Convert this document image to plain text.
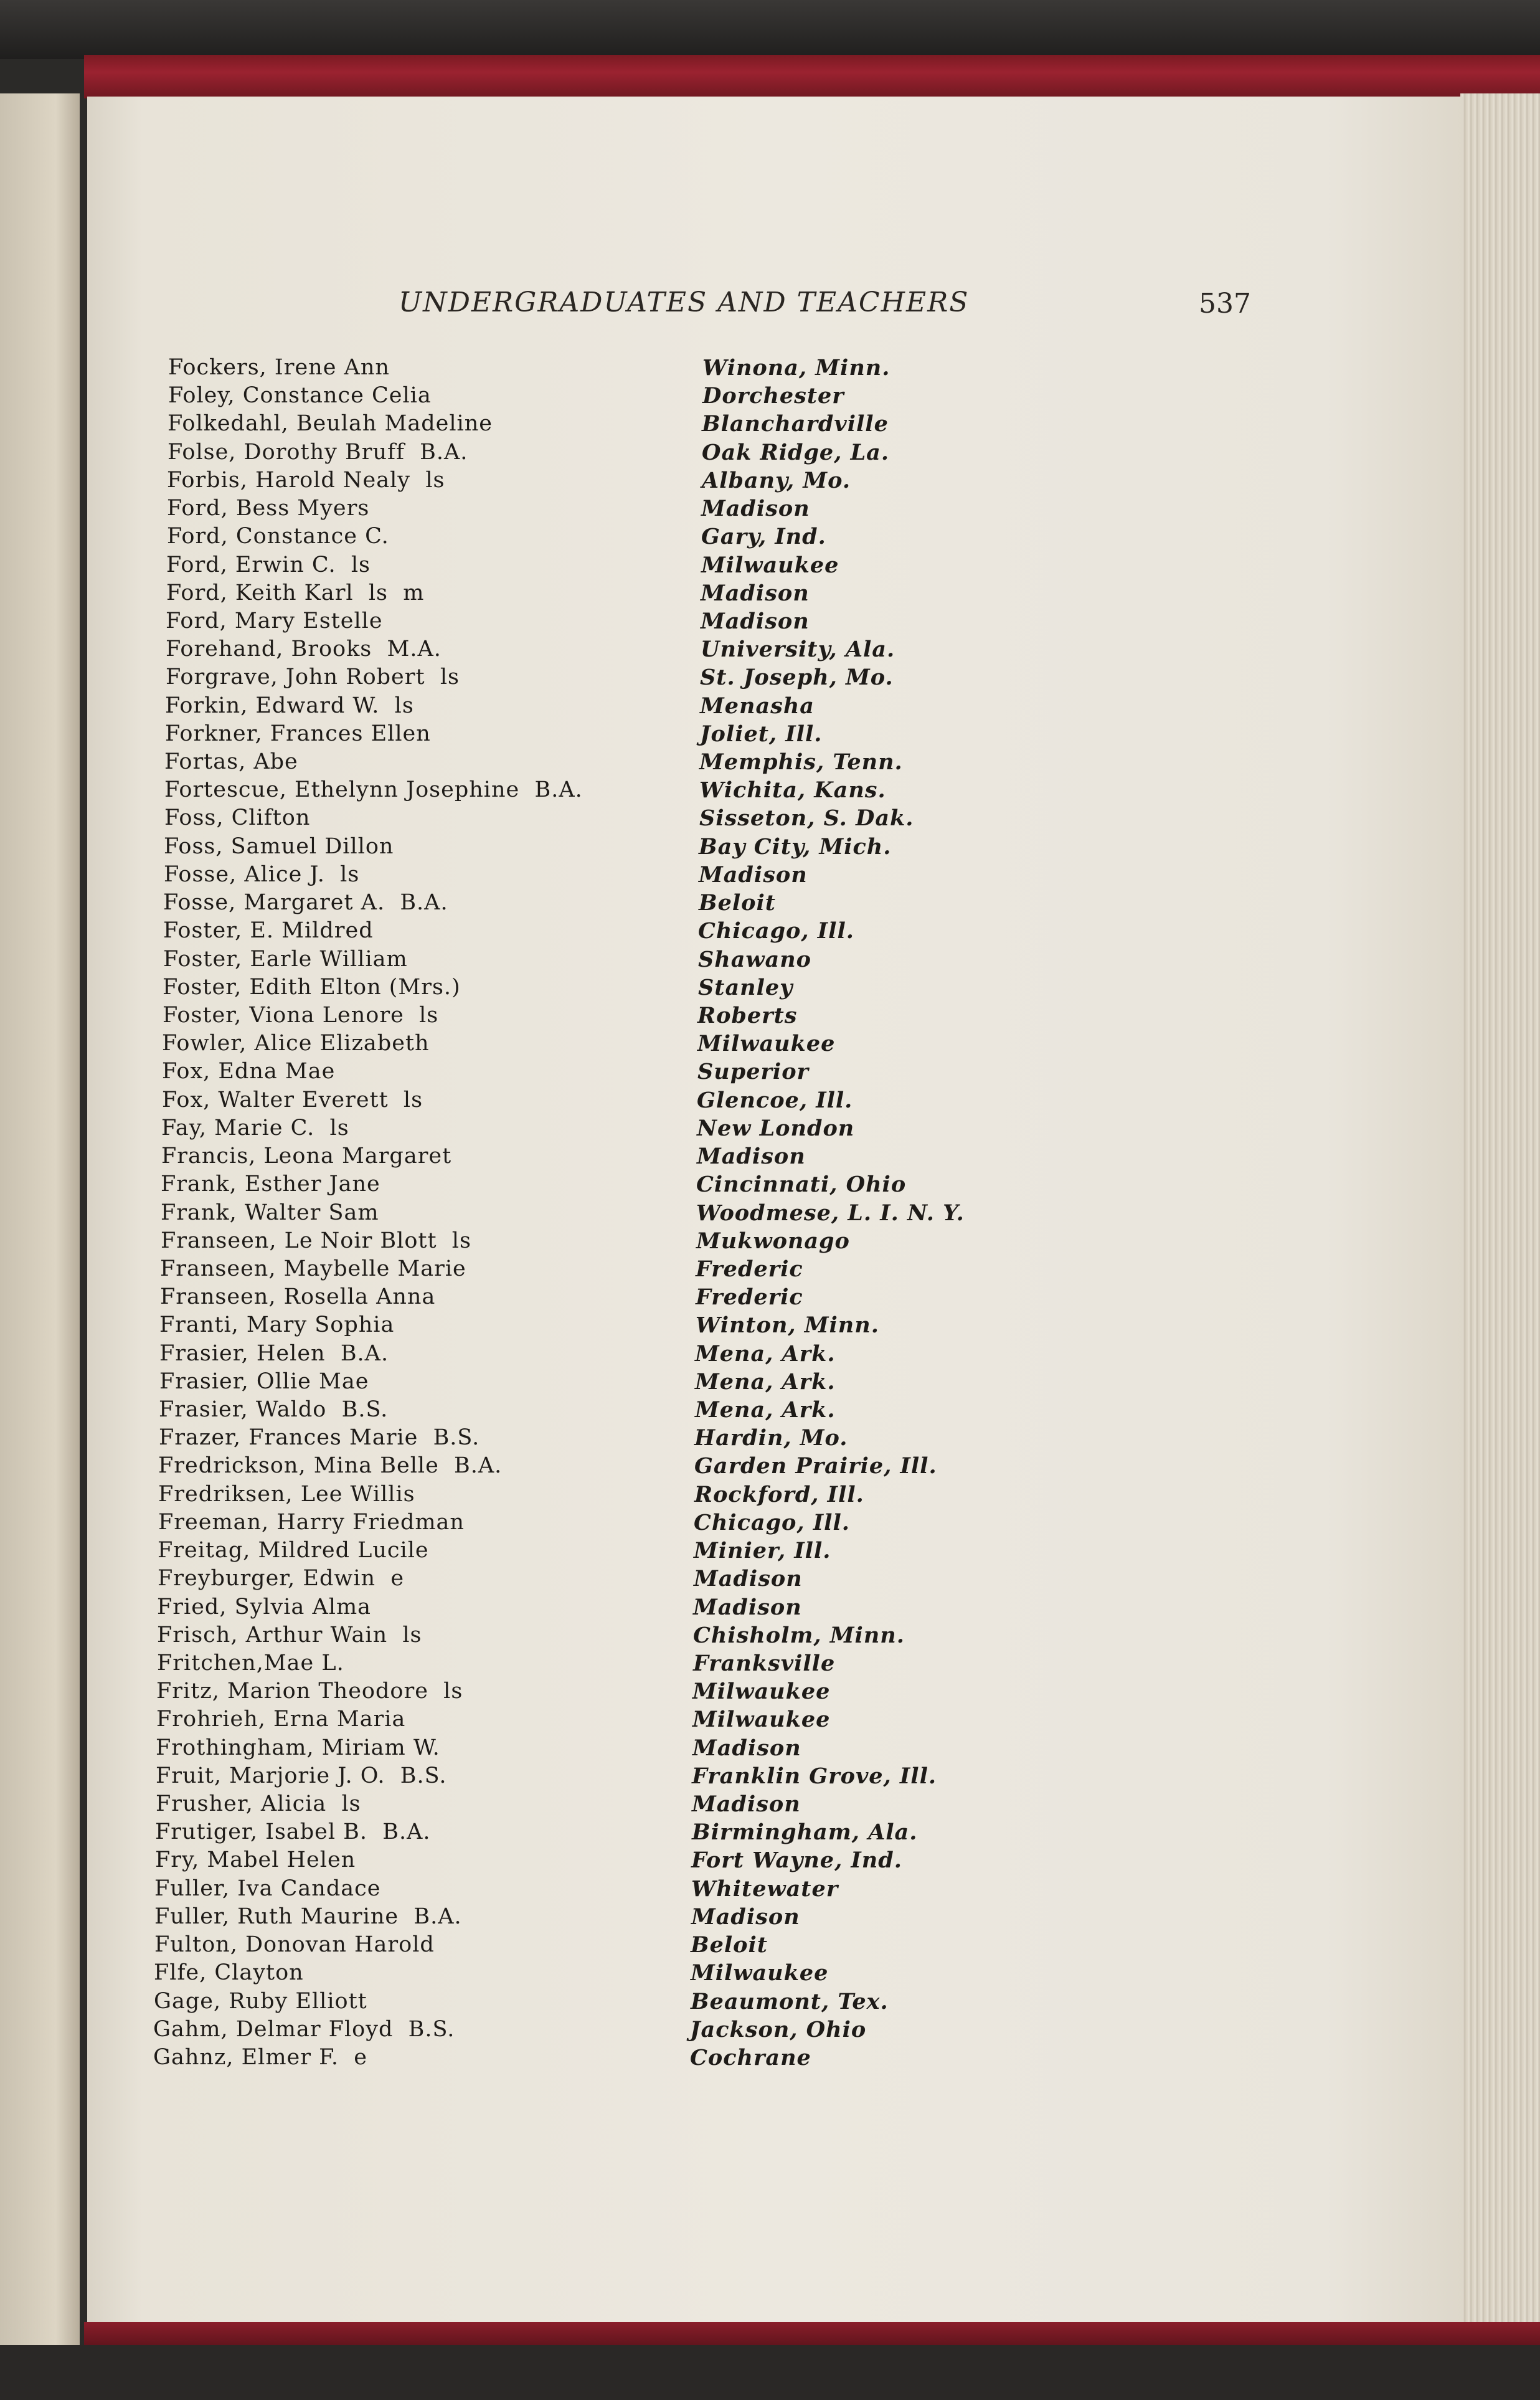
UNDERGRADUATES AND TEACHERS	537
Fockers, Irene Ann	Winona, Minn.
Foley, Constance Celia	Dorchester
Folkedahl, Beulah Madeline	Blanchardville
Folse, Dorothy Bruff  B.A.	Oak Ridge, La.
Forbis, Harold Nealy  ls	Albany, Mo.
Ford, Bess Myers	Madison
Ford, Constance C.	Gary, Ind.
Ford, Erwin C.  ls	Milwaukee
Ford, Keith Karl  ls  m	Madison
Ford, Mary Estelle	Madison
Forehand, Brooks  M.A.	University, Ala.
Forgrave, John Robert  ls	St. Joseph, Mo.
Forkin, Edward W.  ls	Menasha
Forkner, Frances Ellen	Joliet, Ill.
Fortas, Abe	Memphis, Tenn.
Fortescue, Ethelynn Josephine  B.A.	Wichita, Kans.
Foss, Clifton	Sisseton, S. Dak.
Foss, Samuel Dillon	Bay City, Mich.
Fosse, Alice J.  ls	Madison
Fosse, Margaret A.  B.A.	Beloit
Foster, E. Mildred	Chicago, Ill.
Foster, Earle William	Shawano
Foster, Edith Elton (Mrs.)	Stanley
Foster, Viona Lenore  ls	Roberts
Fowler, Alice Elizabeth	Milwaukee
Fox, Edna Mae	Superior
Fox, Walter Everett  ls	Glencoe, Ill.
Fay, Marie C.  ls	New London
Francis, Leona Margaret	Madison
Frank, Esther Jane	Cincinnati, Ohio
Frank, Walter Sam	Woodmese, L. I. N. Y.
Franseen, Le Noir Blott  ls	Mukwonago
Franseen, Maybelle Marie	Frederic
Franseen, Rosella Anna	Frederic
Franti, Mary Sophia	Winton, Minn.
Frasier, Helen  B.A.	Mena, Ark.
Frasier, Ollie Mae	Mena, Ark.
Frasier, Waldo  B.S.	Mena, Ark.
Frazer, Frances Marie  B.S.	Hardin, Mo.
Fredrickson, Mina Belle  B.A.	Garden Prairie, Ill.
Fredriksen, Lee Willis	Rockford, Ill.
Freeman, Harry Friedman	Chicago, Ill.
Freitag, Mildred Lucile	Minier, Ill.
Freyburger, Edwin  e	Madison
Fried, Sylvia Alma	Madison
Frisch, Arthur Wain  ls	Chisholm, Minn.
Fritchen,Mae L.	Franksville
Fritz, Marion Theodore  ls	Milwaukee
Frohrieh, Erna Maria	Milwaukee
Frothingham, Miriam W.	Madison
Fruit, Marjorie J. O.  B.S.	Franklin Grove, Ill.
Frusher, Alicia  ls	Madison
Frutiger, Isabel B.  B.A.	Birmingham, Ala.
Fry, Mabel Helen	Fort Wayne, Ind.
Fuller, Iva Candace	Whitewater
Fuller, Ruth Maurine  B.A.	Madison
Fulton, Donovan Harold	Beloit
Flfe, Clayton	Milwaukee
Gage, Ruby Elliott	Beaumont, Tex.
Gahm, Delmar Floyd  B.S.	Jackson, Ohio
Gahnz, Elmer F.  e	Cochrane
